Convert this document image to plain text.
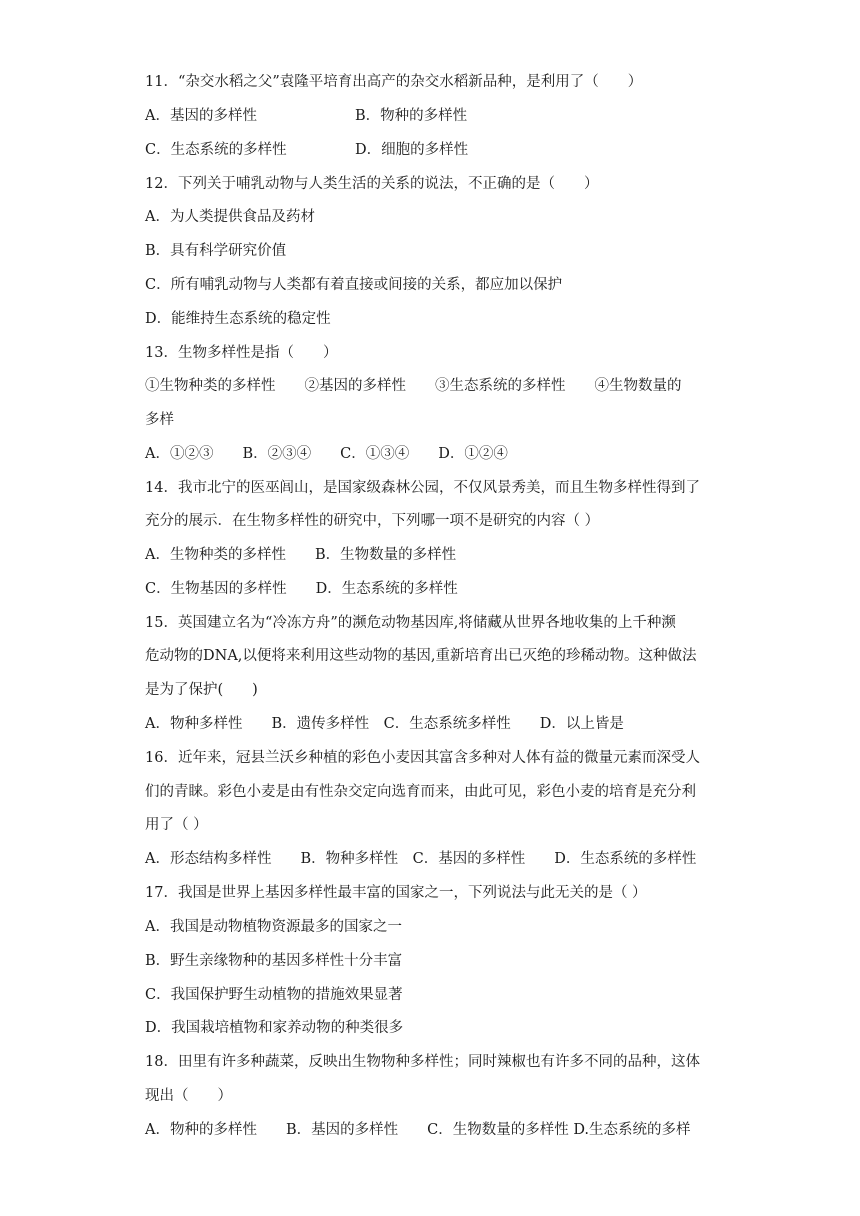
11．“杂交水稻之父”袁隆平培育出高产的杂交水稻新品种，是利用了（　　）
A．基因的多样性	B．物种的多样性
C．生态系统的多样性	D．细胞的多样性
12．下列关于哺乳动物与人类生活的关系的说法，不正确的是（　　）
A．为人类提供食品及药材
B．具有科学研究价值
C．所有哺乳动物与人类都有着直接或间接的关系，都应加以保护
D．能维持生态系统的稳定性
13．生物多样性是指（　　）
①生物种类的多样性　　②基因的多样性　　③生态系统的多样性　　④生物数量的
多样
A．①②③　　B．②③④　　C．①③④　　D．①②④
14．我市北宁的医巫闾山，是国家级森林公园，不仅风景秀美，而且生物多样性得到了
充分的展示．在生物多样性的研究中，下列哪一项不是研究的内容（ ）
A．生物种类的多样性　　B．生物数量的多样性
C．生物基因的多样性　　D．生态系统的多样性
15．英国建立名为“冷冻方舟”的濒危动物基因库,将储藏从世界各地收集的上千种濒
危动物的DNA,以便将来利用这些动物的基因,重新培育出已灭绝的珍稀动物。这种做法
是为了保护(　　)
A．物种多样性　　B．遗传多样性　C．生态系统多样性　　D．以上皆是
16．近年来，冠县兰沃乡种植的彩色小麦因其富含多种对人体有益的微量元素而深受人
们的青睐。彩色小麦是由有性杂交定向选育而来，由此可见，彩色小麦的培育是充分利
用了（ ）
A．形态结构多样性　　B．物种多样性　C．基因的多样性　　D．生态系统的多样性
17．我国是世界上基因多样性最丰富的国家之一，下列说法与此无关的是（ ）
A．我国是动物植物资源最多的国家之一
B．野生亲缘物种的基因多样性十分丰富
C．我国保护野生动植物的措施效果显著
D．我国栽培植物和家养动物的种类很多
18．田里有许多种蔬菜，反映出生物物种多样性；同时辣椒也有许多不同的品种，这体
现出（　　）
A．物种的多样性　　B．基因的多样性　　C．生物数量的多样性 D.生态系统的多样
